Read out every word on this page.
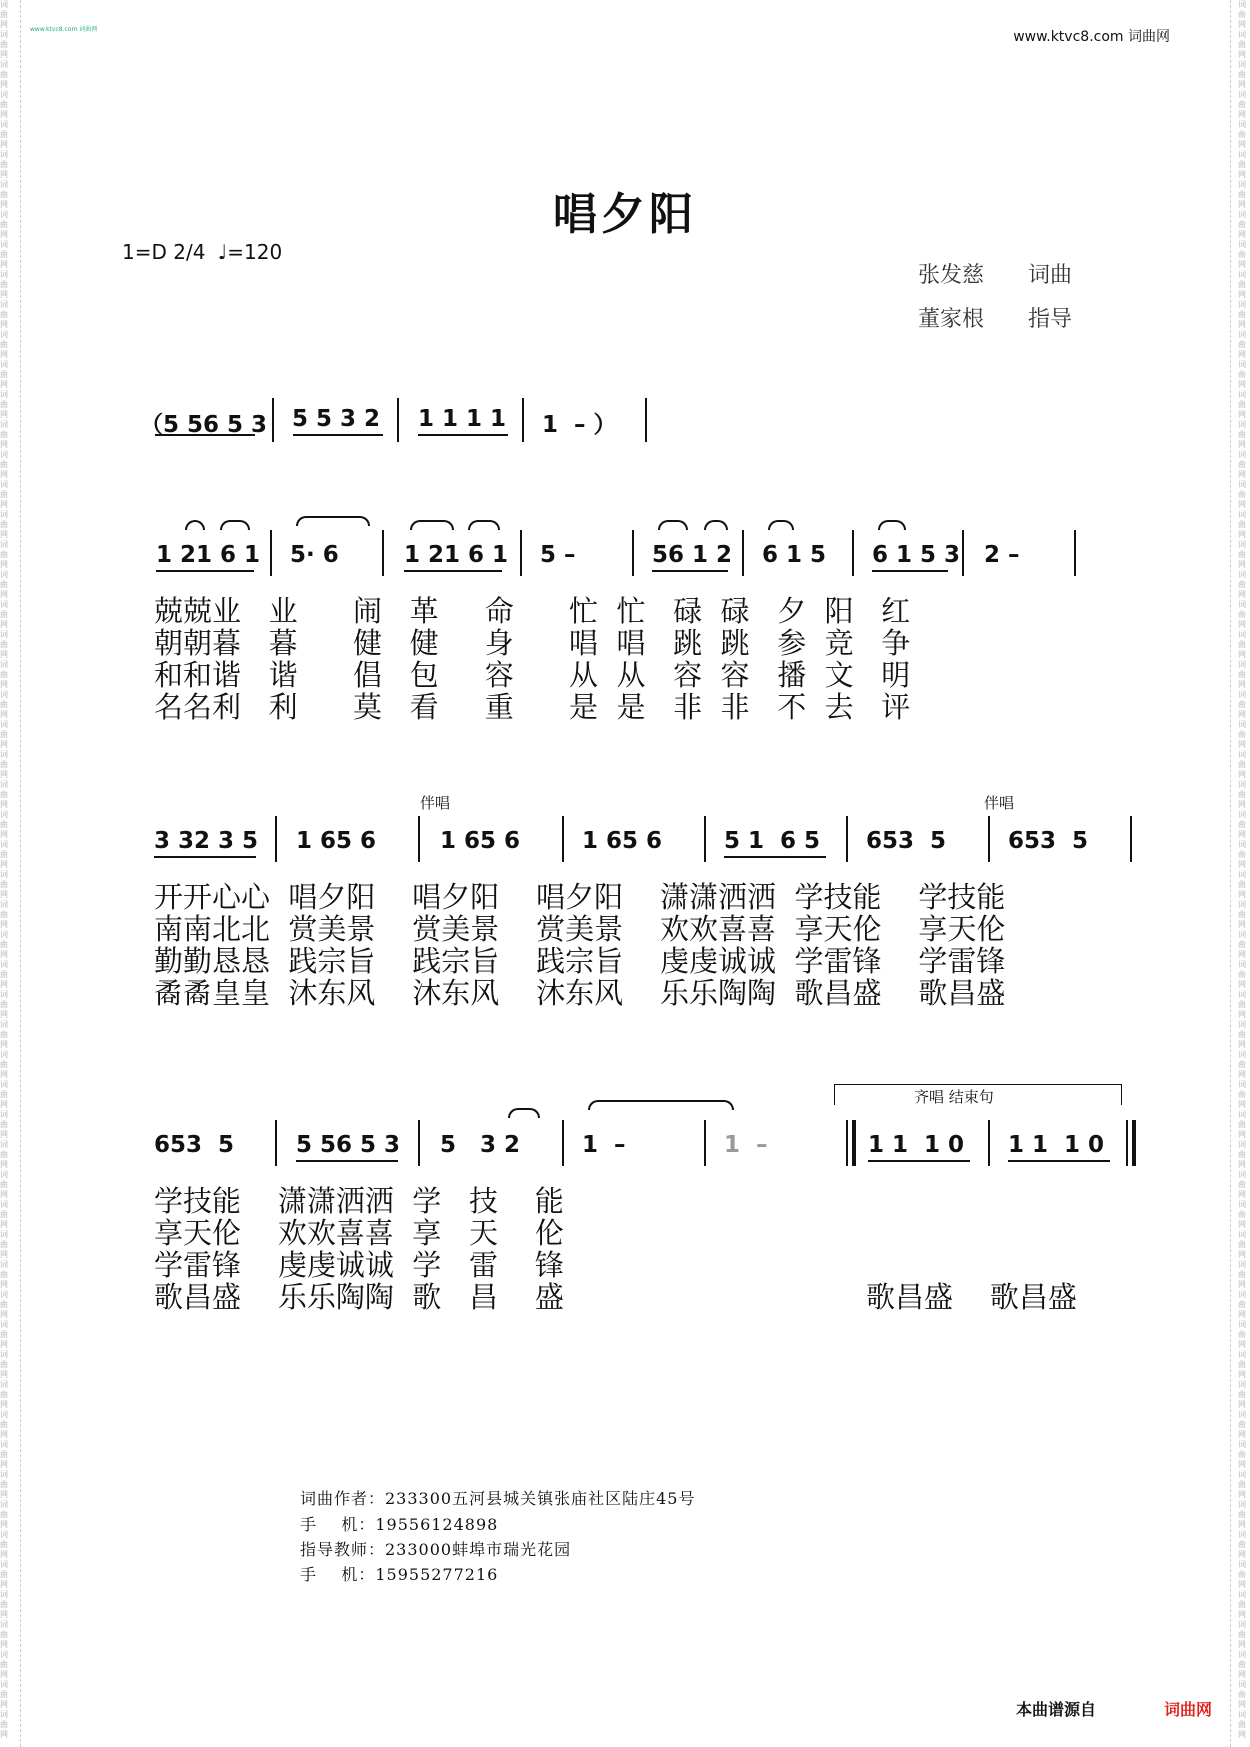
词
曲
网
词
曲
网
词
曲
网
词
曲
网
词
曲
网
词
曲
网
词
曲
网
词
曲
网
词
曲
网
词
曲
网
词
曲
网
词
曲
网
词
曲
网
词
曲
网
词
曲
网
词
曲
网
词
曲
网
词
曲
网
词
曲
网
词
曲
网
词
曲
网
词
曲
网
词
曲
网
词
曲
网
词
曲
网
词
曲
网
词
曲
网
词
曲
网
词
曲
网
词
曲
网
词
曲
网
词
曲
网
词
曲
网
词
曲
网
词
曲
网
词
曲
网
词
曲
网
词
曲
网
词
曲
网
词
曲
网
词
曲
网
词
曲
网
词
曲
网
词
曲
网
词
曲
网
词
曲
网
词
曲
网
词
曲
网
词
曲
网
词
曲
网
词
曲
网
词
曲
网
词
曲
网
词
曲
网
词
曲
网
词
曲
网
词
曲
网
词
曲
网

词
曲
网
词
曲
网
词
曲
网
词
曲
网
词
曲
网
词
曲
网
词
曲
网
词
曲
网
词
曲
网
词
曲
网
词
曲
网
词
曲
网
词
曲
网
词
曲
网
词
曲
网
词
曲
网
词
曲
网
词
曲
网
词
曲
网
词
曲
网
词
曲
网
词
曲
网
词
曲
网
词
曲
网
词
曲
网
词
曲
网
词
曲
网
词
曲
网
词
曲
网
词
曲
网
词
曲
网
词
曲
网
词
曲
网
词
曲
网
词
曲
网
词
曲
网
词
曲
网
词
曲
网
词
曲
网
词
曲
网
词
曲
网
词
曲
网
词
曲
网
词
曲
网
词
曲
网
词
曲
网
词
曲
网
词
曲
网
词
曲
网
词
曲
网
词
曲
网
词
曲
网
词
曲
网
词
曲
网
词
曲
网
词
曲
网
词
曲
网
词
曲
网

www.ktvc8.com 词曲网	www.ktvc8.com 词曲网
唱夕阳
1=D 2/4 ♩=120
张发慈 词曲
董家根 指导
（5 56 5 3 5 5 3 2 1 1 1 1 1  – ）
1 21 6 1 5· 6	1 21 6 1 5 –	56 1 2 6 1 5 6 1 5 3 2 –
兢兢业   业      闹   革     命      忙  忙   碌  碌   夕  阳   红
朝朝暮   暮      健   健     身      唱  唱   跳  跳   参  竞   争
和和谐   谐      倡   包     容      从  从   容  容   播  文   明
名名利   利      莫   看     重      是  是   非  非   不  去   评
伴唱	伴唱
3 32 3 5 1 65 6	1 65 6	1 65 6	5 1  6 5 653  5	653  5
开开心心  唱夕阳    唱夕阳    唱夕阳    潇潇洒洒  学技能    学技能
南南北北  赏美景    赏美景    赏美景    欢欢喜喜  享天伦    享天伦
勤勤恳恳  践宗旨    践宗旨    践宗旨    虔虔诚诚  学雷锋    学雷锋
矞矞皇皇  沐东风    沐东风    沐东风    乐乐陶陶  歌昌盛    歌昌盛
齐唱 结束句
653  5	5 56 5 3 5   3 2	1  –	1  –	1 1  1 0 1 1  1 0
学技能    潇潇洒洒  学   技    能
享天伦    欢欢喜喜  享   天    伦
学雷锋    虔虔诚诚  学   雷    锋
歌昌盛    乐乐陶陶  歌   昌    盛	歌昌盛    歌昌盛
词曲作者：233300五河县城关镇张庙社区陆庄45号
手    机：19556124898
指导教师：233000蚌埠市瑞光花园
手    机：15955277216
本曲谱源自	词曲网
